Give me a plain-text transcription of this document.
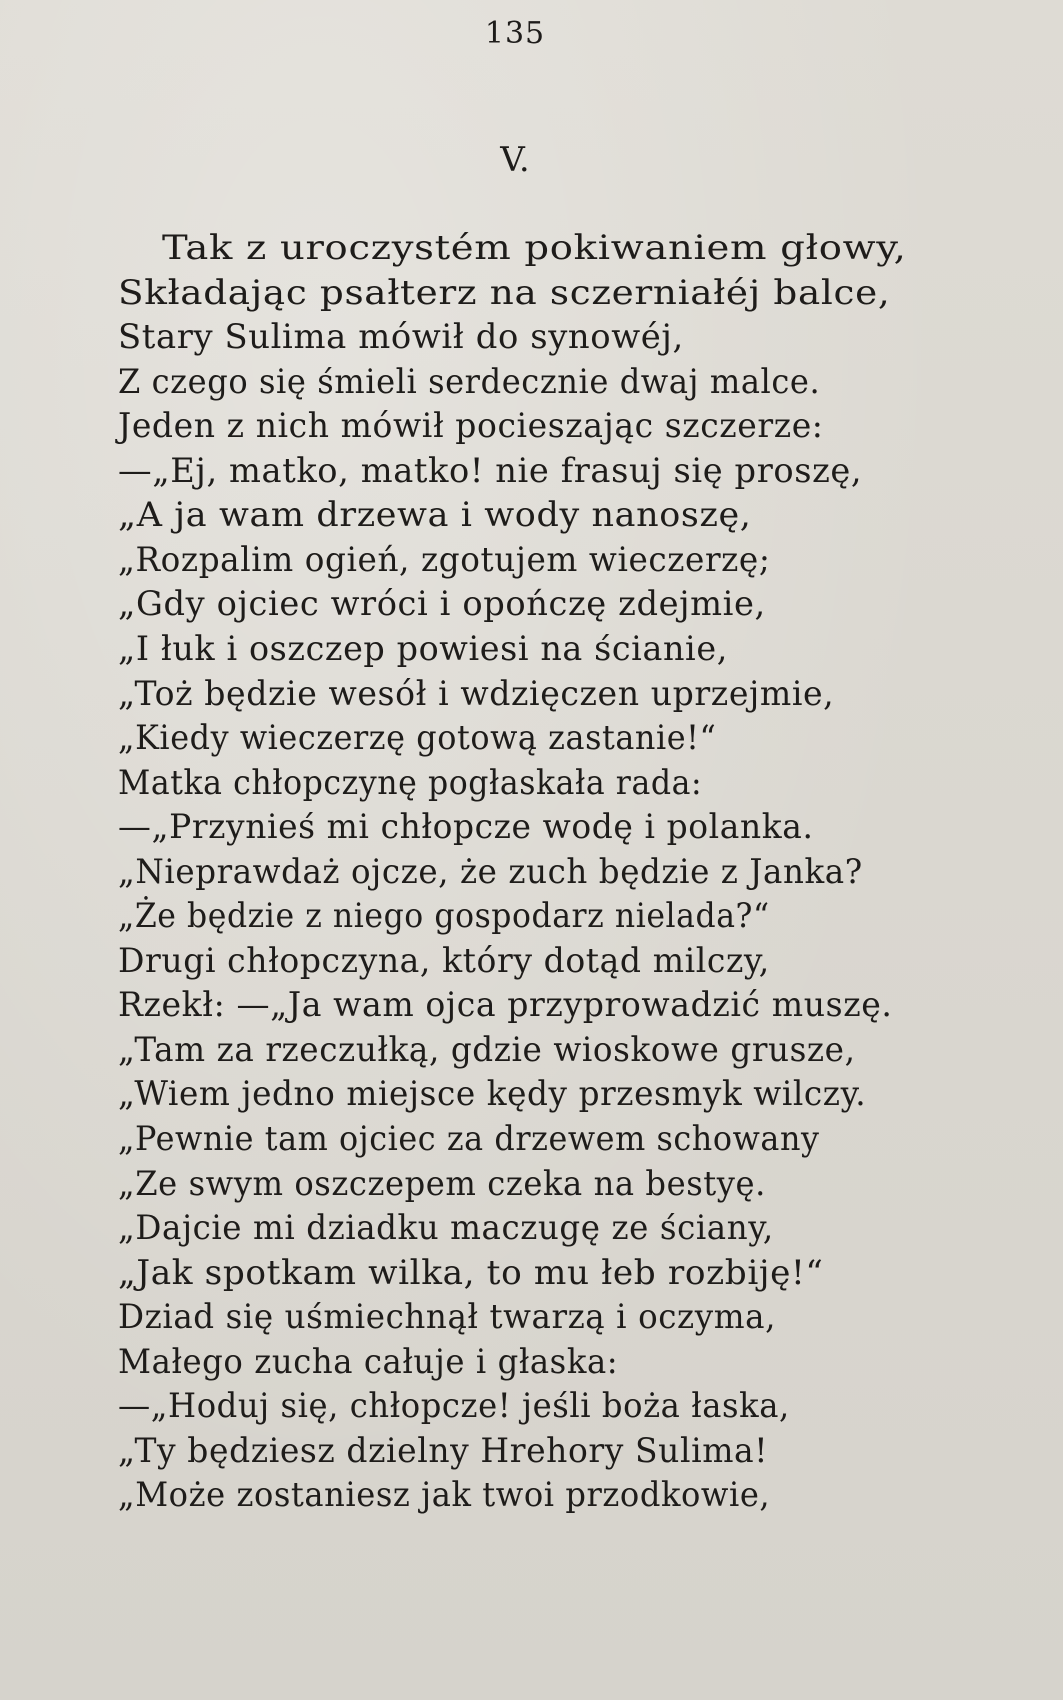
135
V.
Tak z uroczystém pokiwaniem głowy,
Składając psałterz na sczerniałéj balce,
Stary Sulima mówił do synowéj,
Z czego się śmieli serdecznie dwaj malce.
Jeden z nich mówił pocieszając szczerze:
—„Ej, matko, matko! nie frasuj się proszę,
„A ja wam drzewa i wody nanoszę,
„Rozpalim ogień, zgotujem wieczerzę;
„Gdy ojciec wróci i opończę zdejmie,
„I łuk i oszczep powiesi na ścianie,
„Toż będzie wesół i wdzięczen uprzejmie,
„Kiedy wieczerzę gotową zastanie!“
Matka chłopczynę pogłaskała rada:
—„Przynieś mi chłopcze wodę i polanka.
„Nieprawdaż ojcze, że zuch będzie z Janka?
„Że będzie z niego gospodarz nielada?“
Drugi chłopczyna, który dotąd milczy,
Rzekł: —„Ja wam ojca przyprowadzić muszę.
„Tam za rzeczułką, gdzie wioskowe grusze,
„Wiem jedno miejsce kędy przesmyk wilczy.
„Pewnie tam ojciec za drzewem schowany
„Ze swym oszczepem czeka na bestyę.
„Dajcie mi dziadku maczugę ze ściany,
„Jak spotkam wilka, to mu łeb rozbiję!“
Dziad się uśmiechnął twarzą i oczyma,
Małego zucha całuje i głaska:
—„Hoduj się, chłopcze! jeśli boża łaska,
„Ty będziesz dzielny Hrehory Sulima!
„Może zostaniesz jak twoi przodkowie,
